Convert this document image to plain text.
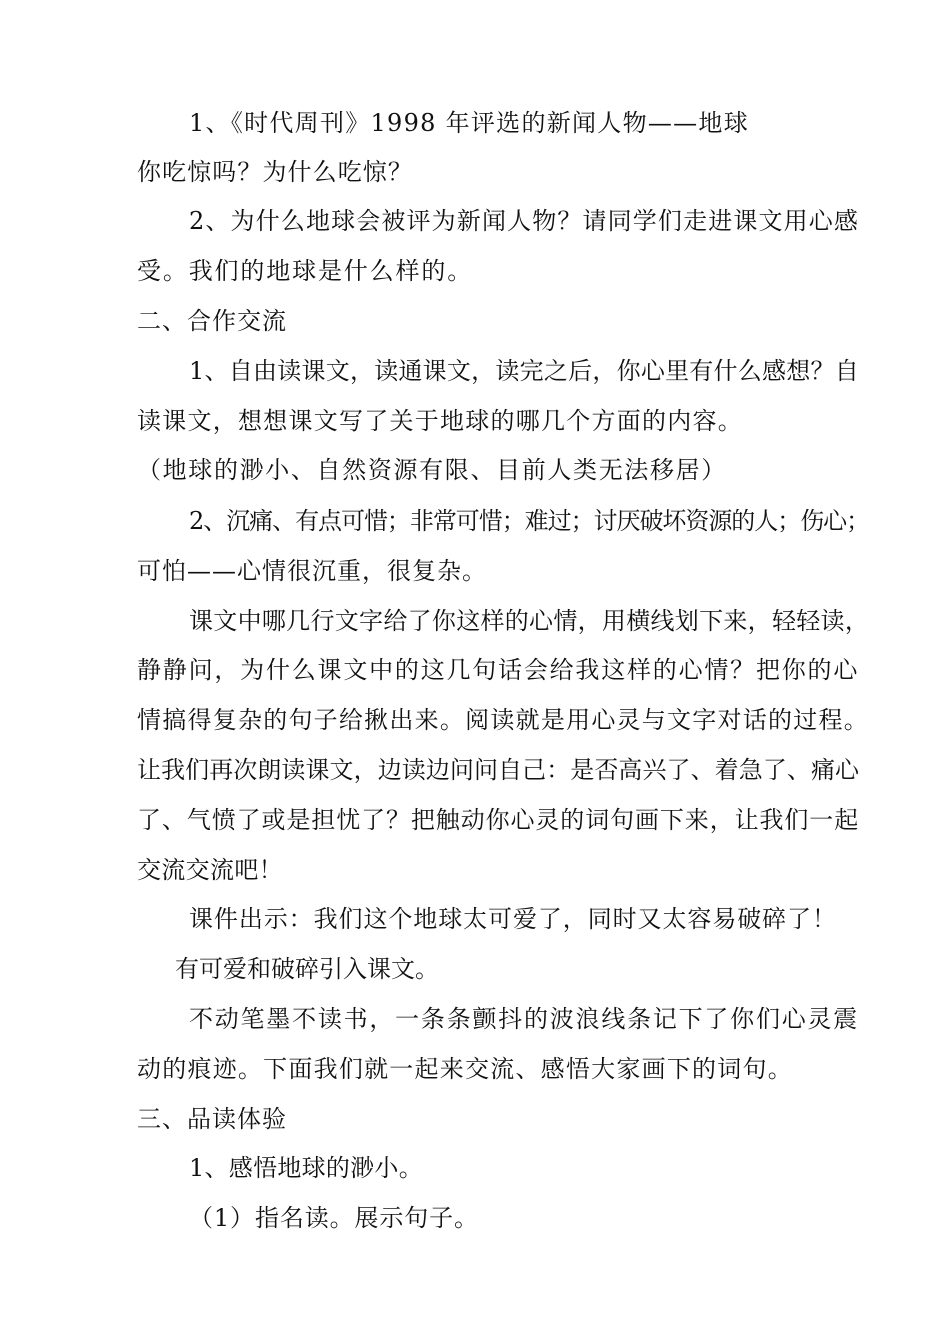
1、《时代周刊》1998 年评选的新闻人物——地球
你吃惊吗？为什么吃惊？
2、为什么地球会被评为新闻人物？请同学们走进课文用心感
受。我们的地球是什么样的。
二、合作交流
1、自由读课文，读通课文，读完之后，你心里有什么感想？自
读课文，想想课文写了关于地球的哪几个方面的内容。
（地球的渺小、自然资源有限、目前人类无法移居）
2、沉痛、有点可惜；非常可惜；难过；讨厌破坏资源的人；伤心；
可怕——心情很沉重，很复杂。
课文中哪几行文字给了你这样的心情，用横线划下来，轻轻读，
静静问，为什么课文中的这几句话会给我这样的心情？把你的心
情搞得复杂的句子给揪出来。阅读就是用心灵与文字对话的过程。
让我们再次朗读课文，边读边问问自己：是否高兴了、着急了、痛心
了、气愤了或是担忧了？把触动你心灵的词句画下来，让我们一起
交流交流吧！
课件出示：我们这个地球太可爱了，同时又太容易破碎了！
有可爱和破碎引入课文。
不动笔墨不读书，一条条颤抖的波浪线条记下了你们心灵震
动的痕迹。下面我们就一起来交流、感悟大家画下的词句。
三、品读体验
1、感悟地球的渺小。
（1）指名读。展示句子。
